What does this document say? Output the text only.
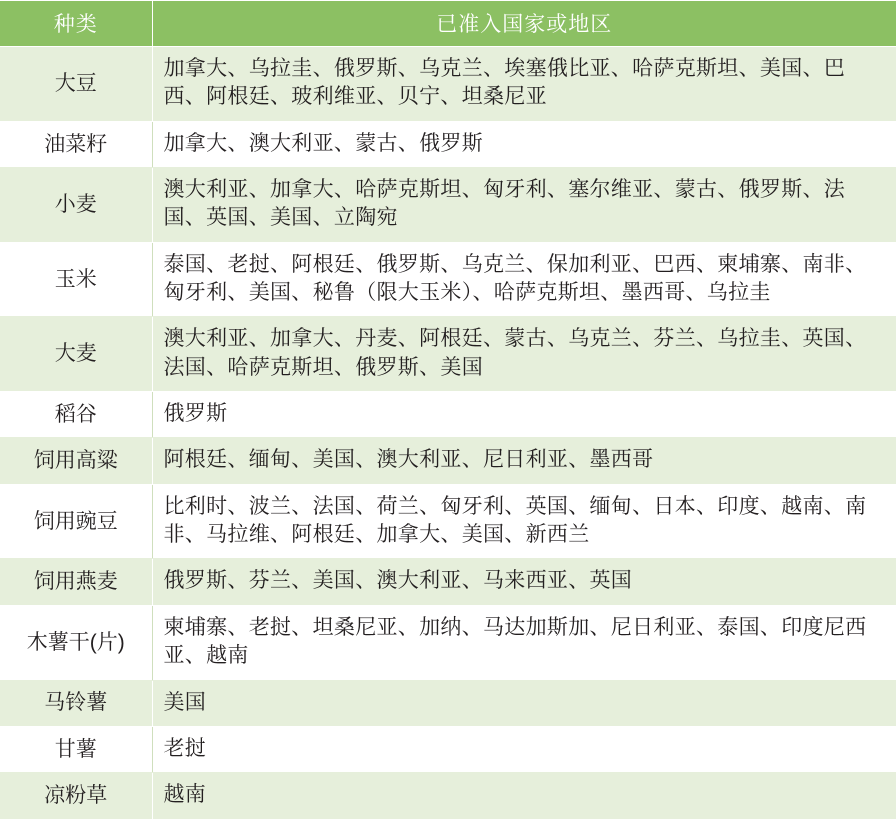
种类	已准入国家或地区
大豆	加拿大、乌拉圭、俄罗斯、乌克兰、埃塞俄比亚、哈萨克斯坦、美国、巴西、阿根廷、玻利维亚、贝宁、坦桑尼亚
油菜籽	加拿大、澳大利亚、蒙古、俄罗斯
小麦	澳大利亚、加拿大、哈萨克斯坦、匈牙利、塞尔维亚、蒙古、俄罗斯、法国、英国、美国、立陶宛
玉米	泰国、老挝、阿根廷、俄罗斯、乌克兰、保加利亚、巴西、柬埔寨、南非、匈牙利、美国、秘鲁（限大玉米）、哈萨克斯坦、墨西哥、乌拉圭
大麦	澳大利亚、加拿大、丹麦、阿根廷、蒙古、乌克兰、芬兰、乌拉圭、英国、法国、哈萨克斯坦、俄罗斯、美国
稻谷	俄罗斯
饲用高粱	阿根廷、缅甸、美国、澳大利亚、尼日利亚、墨西哥
饲用豌豆	比利时、波兰、法国、荷兰、匈牙利、英国、缅甸、日本、印度、越南、南非、马拉维、阿根廷、加拿大、美国、新西兰
饲用燕麦	俄罗斯、芬兰、美国、澳大利亚、马来西亚、英国
木薯干(片)	柬埔寨、老挝、坦桑尼亚、加纳、马达加斯加、尼日利亚、泰国、印度尼西亚、越南
马铃薯	美国
甘薯	老挝
凉粉草	越南
